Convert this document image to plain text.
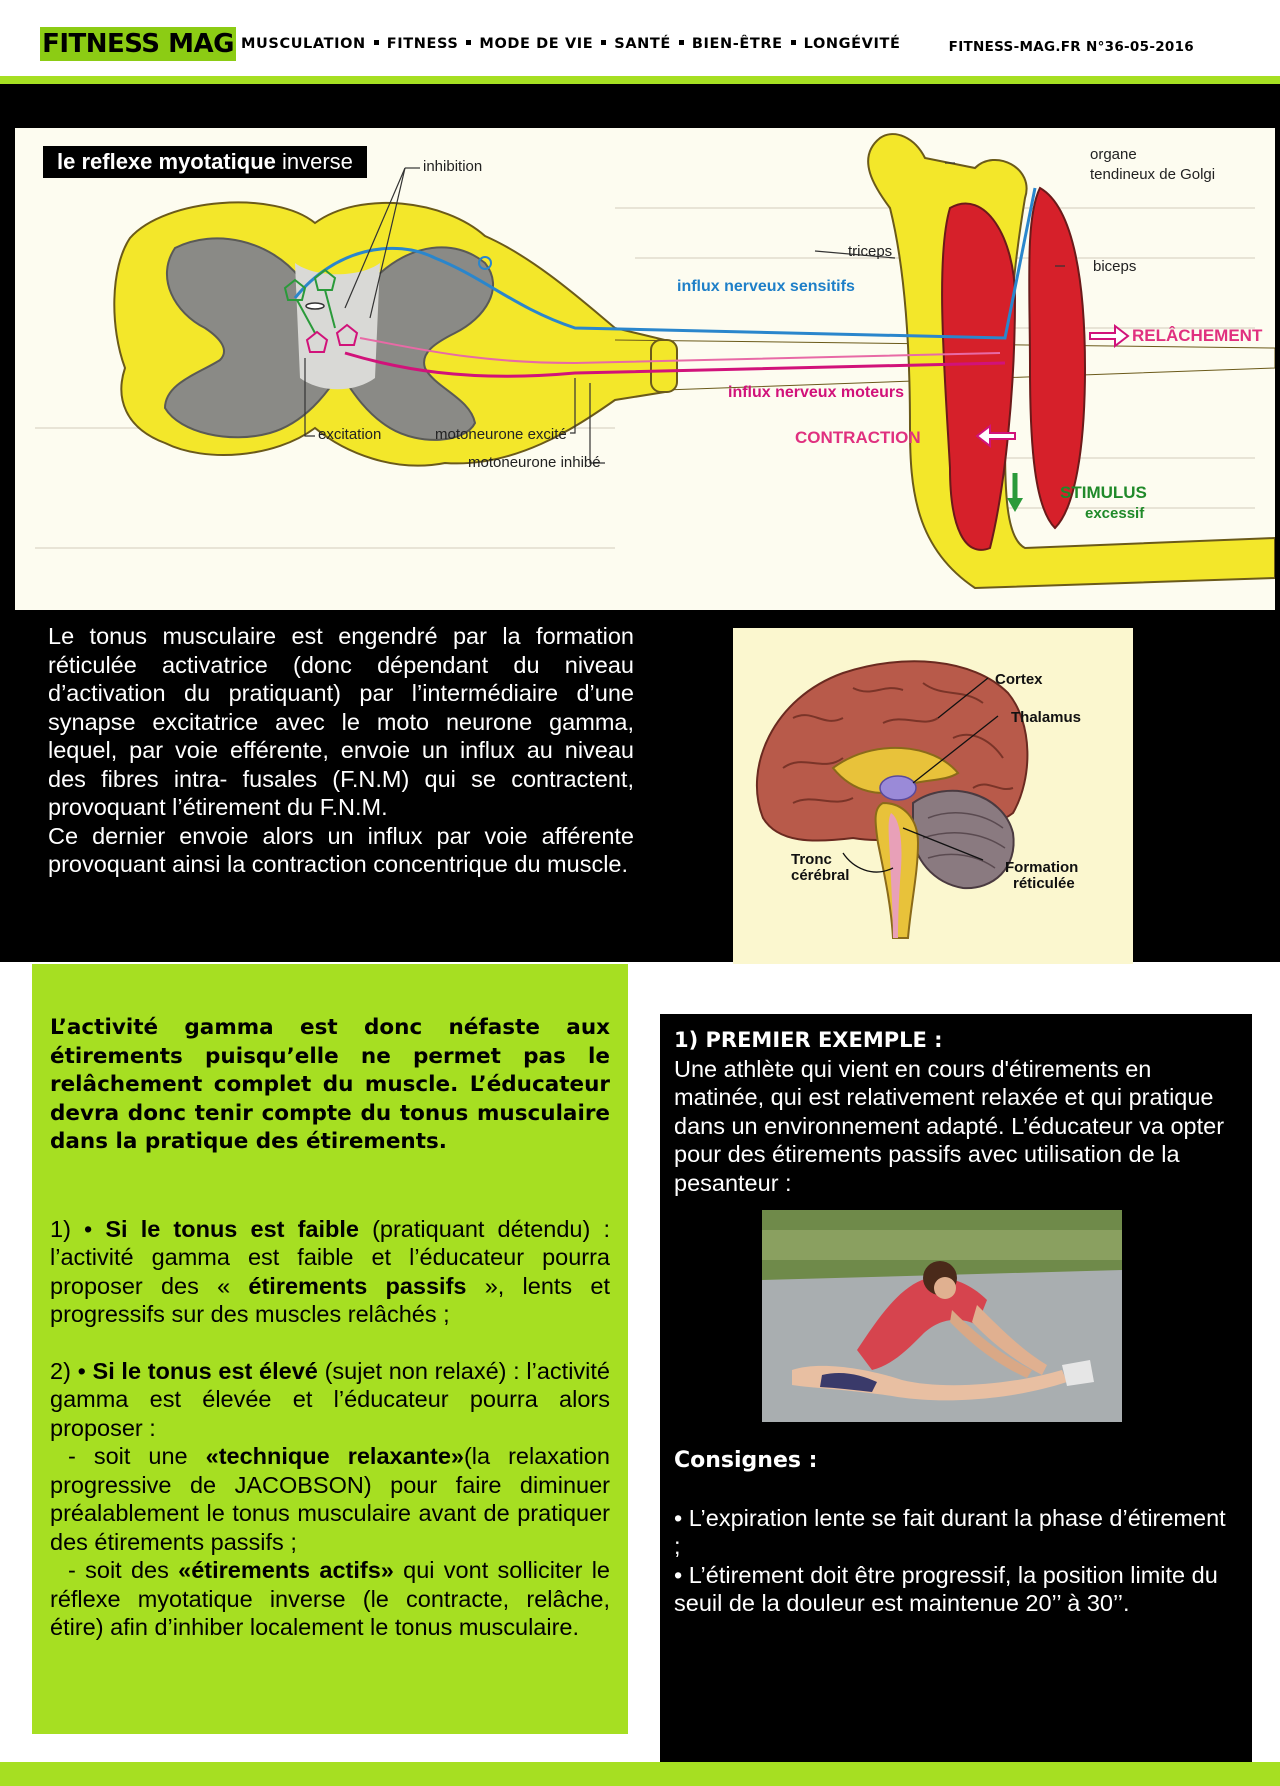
FITNESS MAG MUSCULATION FITNESS MODE DE VIE SANTÉ BIEN-ÊTRE LONGÉVITÉ	FITNESS-MAG.FR N°36-05-2016
le reflexe myotatique inverse	inhibition
excitation	motoneurone excité
motoneurone inhibé
organe
tendineux de Golgi
triceps
biceps
influx nerveux sensitifs
influx nerveux moteurs
RELÂCHEMENT
CONTRACTION
STIMULUS
excessif

Le tonus musculaire est engendré par la formation réticulée activatrice (donc dépendant du niveau d’activation du pratiquant) par l’intermédiaire d’une synapse excitatrice avec le moto neurone gamma, lequel, par voie efférente, envoie un influx au niveau des fibres intra- fusales (F.N.M) qui se contractent, provoquant l’étirement du F.N.M.

Ce dernier envoie alors un influx par voie afférente provoquant ainsi la contraction concentrique du muscle.

Cortex
Thalamus
Tronc
cérébral	Formation
réticulée

L’activité gamma est donc néfaste aux étirements puisqu’elle ne permet pas le relâchement complet du muscle. L’éducateur devra donc tenir compte du tonus musculaire dans la pratique des étirements.

1) • Si le tonus est faible (pratiquant détendu) : l’activité gamma est faible et l’éducateur pourra proposer des « étirements passifs », lents et progressifs sur des muscles relâchés ;

2) • Si le tonus est élevé (sujet non relaxé) : l’activité gamma est élevée et l’éducateur pourra alors proposer :

- soit une «technique relaxante»(la relaxation progressive de JACOBSON) pour faire diminuer préalablement le tonus musculaire avant de pratiquer des étirements passifs ;

- soit des «étirements actifs» qui vont solliciter le réflexe myotatique inverse (le contracte, relâche, étire) afin d’inhiber localement le tonus musculaire.

1) PREMIER EXEMPLE :

Une athlète qui vient en cours d'étirements en matinée, qui est relativement relaxée et qui pratique dans un environnement adapté. L’éducateur va opter pour des étirements passifs avec utilisation de la pesanteur :

Consignes :

• L’expiration lente se fait durant la phase d’étirement ;

• L’étirement doit être progressif, la position limite du seuil de la douleur est maintenue 20’’ à 30’’.
